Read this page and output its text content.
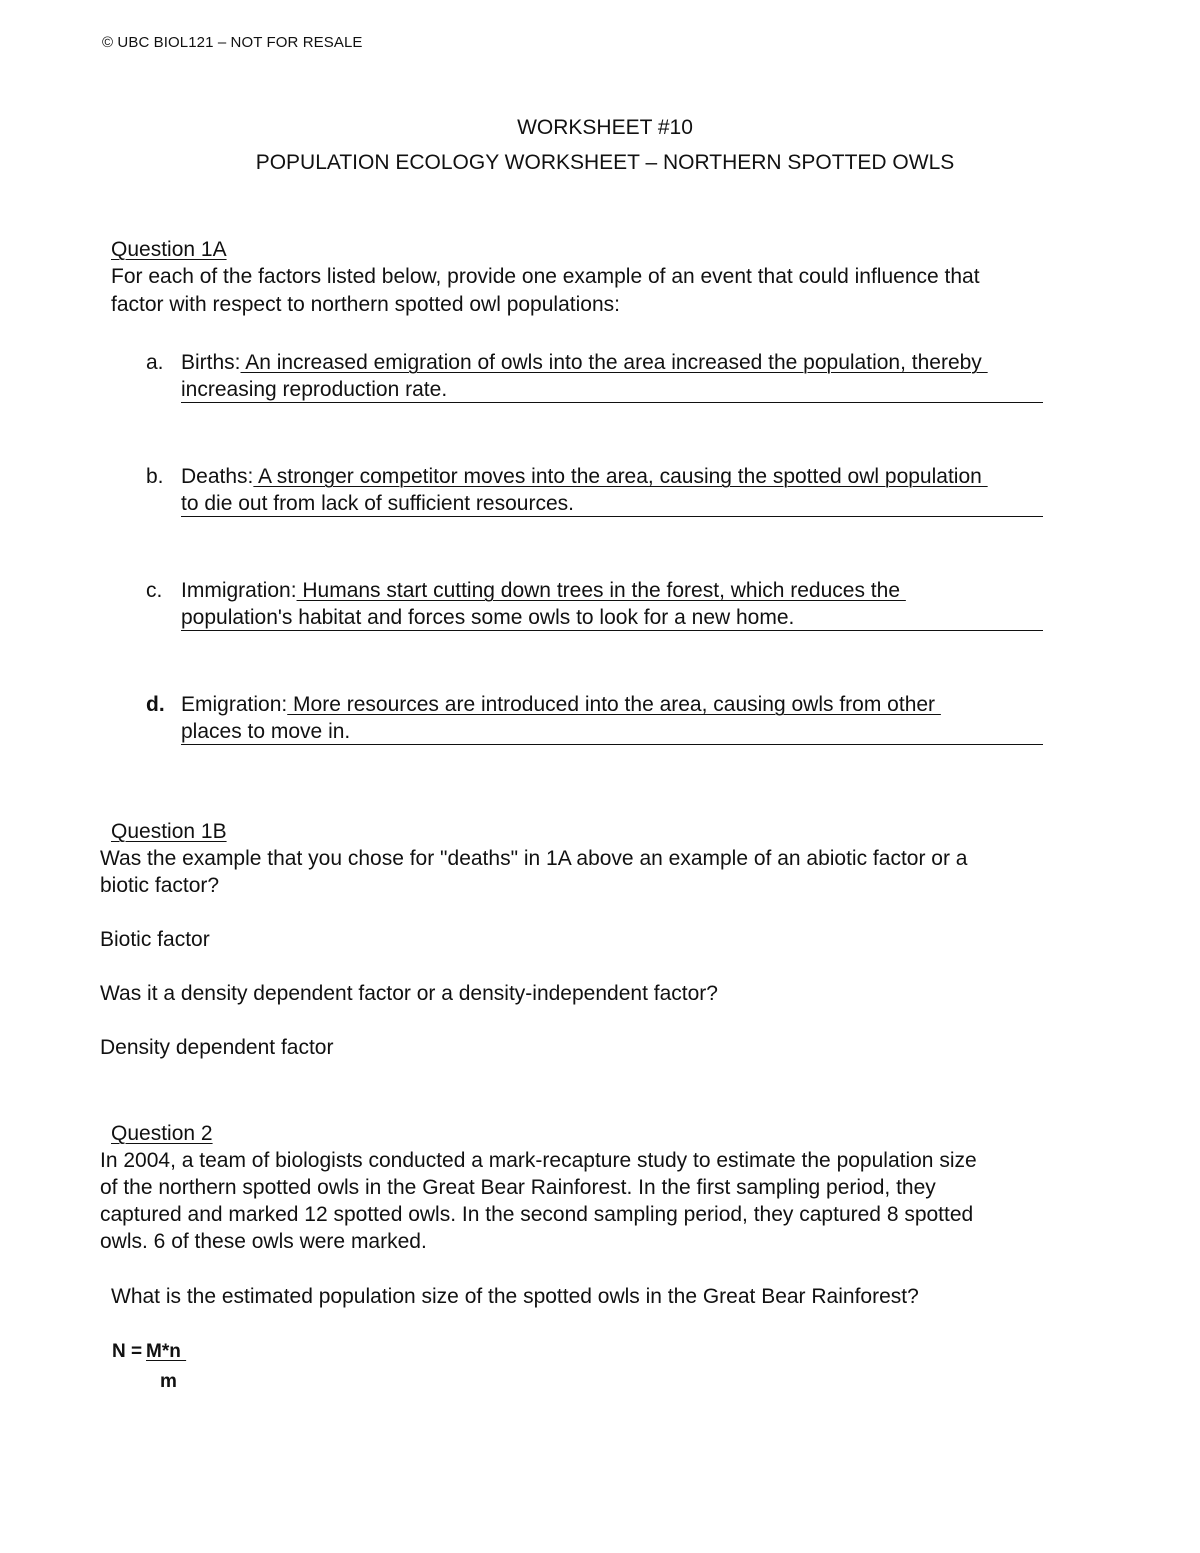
© UBC BIOL121 – NOT FOR RESALE
WORKSHEET #10
POPULATION ECOLOGY WORKSHEET – NORTHERN SPOTTED OWLS
Question 1A
For each of the factors listed below, provide one example of an event that could influence that
factor with respect to northern spotted owl populations:
a. Births: An increased emigration of owls into the area increased the population, thereby
increasing reproduction rate.
b. Deaths: A stronger competitor moves into the area, causing the spotted owl population
to die out from lack of sufficient resources.
c. Immigration: Humans start cutting down trees in the forest, which reduces the
population's habitat and forces some owls to look for a new home.
d. Emigration: More resources are introduced into the area, causing owls from other
places to move in.
Question 1B
Was the example that you chose for "deaths" in 1A above an example of an abiotic factor or a
biotic factor?
Biotic factor
Was it a density dependent factor or a density-independent factor?
Density dependent factor
Question 2
In 2004, a team of biologists conducted a mark-recapture study to estimate the population size
of the northern spotted owls in the Great Bear Rainforest. In the first sampling period, they
captured and marked 12 spotted owls. In the second sampling period, they captured 8 spotted
owls. 6 of these owls were marked.
What is the estimated population size of the spotted owls in the Great Bear Rainforest?
N =
M*n
m
